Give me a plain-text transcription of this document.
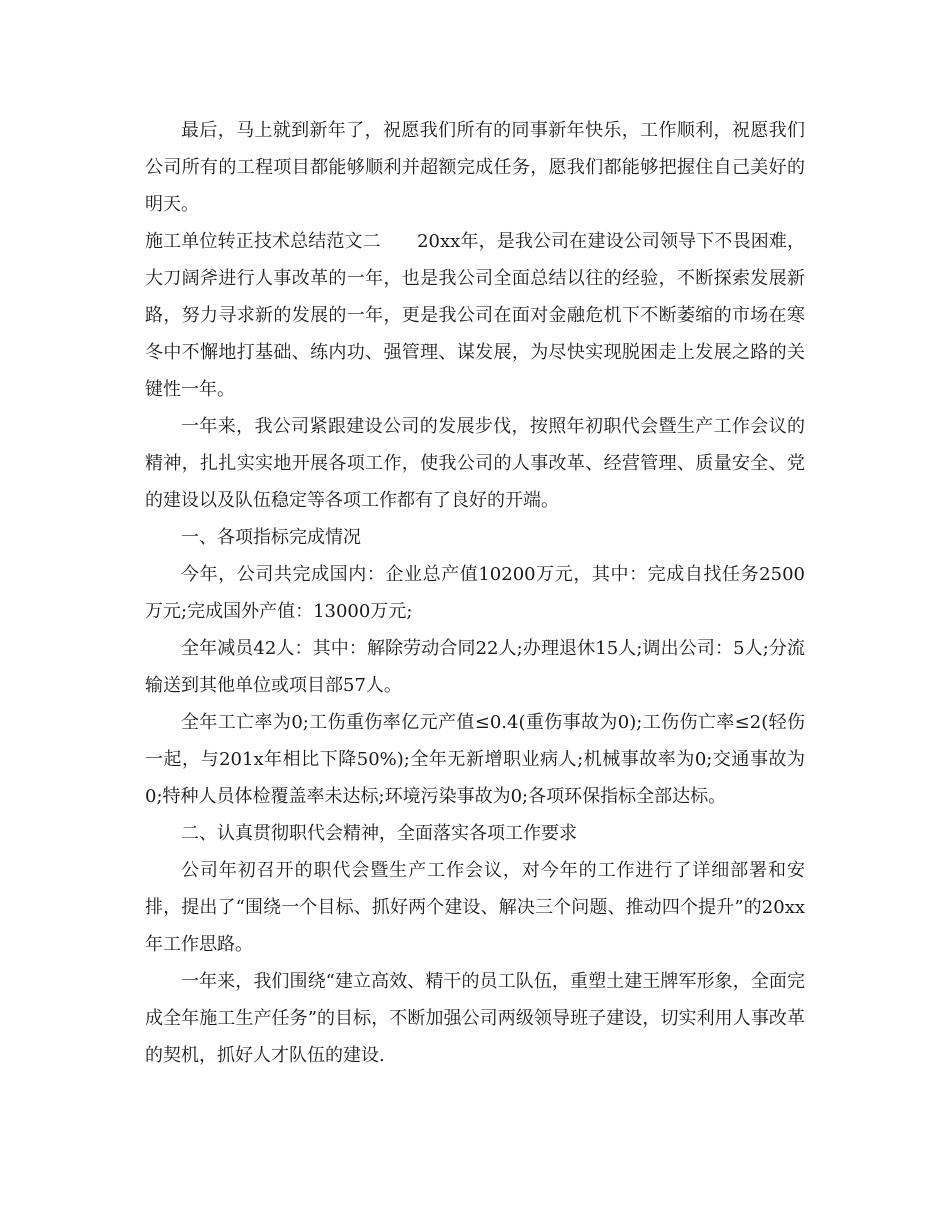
最后，马上就到新年了，祝愿我们所有的同事新年快乐，工作顺利，祝愿我们公司所有的工程项目都能够顺利并超额完成任务，愿我们都能够把握住自己美好的明天。

施工单位转正技术总结范文二　　20xx年，是我公司在建设公司领导下不畏困难，大刀阔斧进行人事改革的一年，也是我公司全面总结以往的经验，不断探索发展新路，努力寻求新的发展的一年，更是我公司在面对金融危机下不断萎缩的市场在寒冬中不懈地打基础、练内功、强管理、谋发展，为尽快实现脱困走上发展之路的关键性一年。

一年来，我公司紧跟建设公司的发展步伐，按照年初职代会暨生产工作会议的精神，扎扎实实地开展各项工作，使我公司的人事改革、经营管理、质量安全、党的建设以及队伍稳定等各项工作都有了良好的开端。

一、各项指标完成情况

今年，公司共完成国内：企业总产值10200万元，其中：完成自找任务2500万元;完成国外产值：13000万元;

全年减员42人：其中：解除劳动合同22人;办理退休15人;调出公司：5人;分流输送到其他单位或项目部57人。

全年工亡率为0;工伤重伤率亿元产值≤0.4(重伤事故为0);工伤伤亡率≤2(轻伤一起，与201x年相比下降50%);全年无新增职业病人;机械事故率为0;交通事故为0;特种人员体检覆盖率未达标;环境污染事故为0;各项环保指标全部达标。

二、认真贯彻职代会精神，全面落实各项工作要求

公司年初召开的职代会暨生产工作会议，对今年的工作进行了详细部署和安排，提出了“围绕一个目标、抓好两个建设、解决三个问题、推动四个提升”的20xx年工作思路。

一年来，我们围绕“建立高效、精干的员工队伍，重塑土建王牌军形象，全面完成全年施工生产任务”的目标，不断加强公司两级领导班子建设，切实利用人事改革的契机，抓好人才队伍的建设.
